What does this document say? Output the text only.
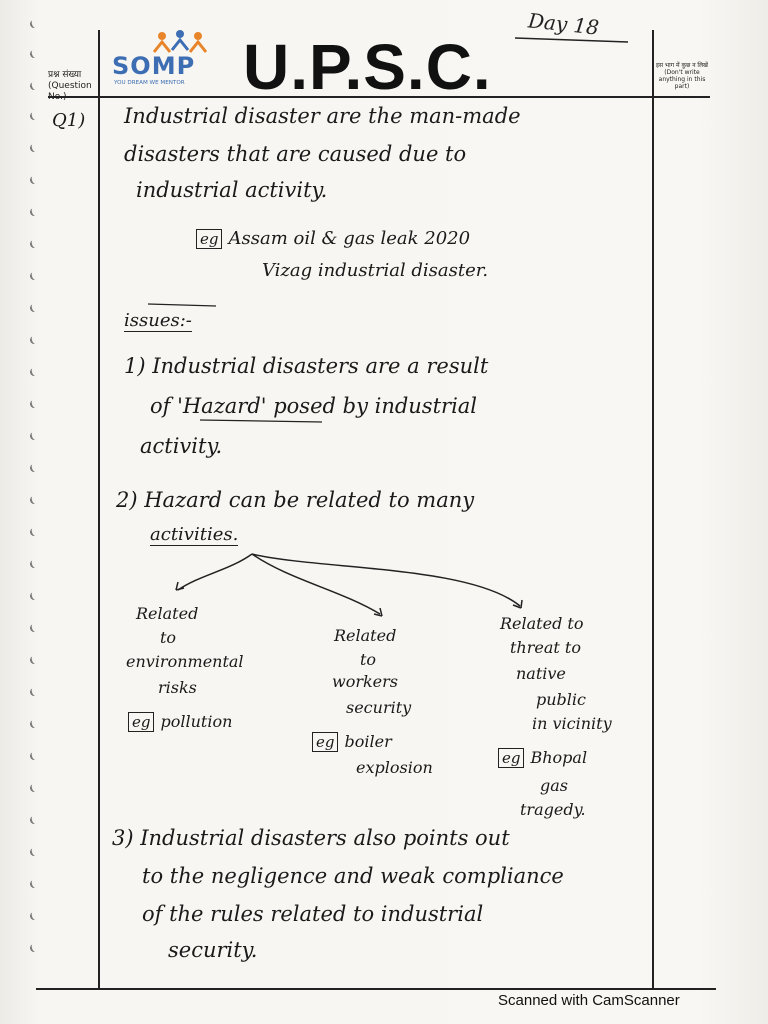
प्रश्न संख्या (Question No.)
SOMP
YOU DREAM WE MENTOR U.P.S.C.
Day 18
इस भाग में कुछ न लिखें (Don't write anything in this part)
Q1) Industrial disaster are the man-made
disasters that are caused due to
industrial activity.
eg Assam oil & gas leak 2020
Vizag industrial disaster.
issues:-
1) Industrial disasters are a result
of 'Hazard' posed by industrial
activity.
2) Hazard can be related to many
activities.
Related
to
environmental
risks
eg pollution
Related
to
workers
security
eg boiler
explosion
Related to
threat to
native
public
in vicinity
eg Bhopal
gas
tragedy.
3) Industrial disasters also points out
to the negligence and weak compliance
of the rules related to industrial
security.
Scanned with CamScanner
